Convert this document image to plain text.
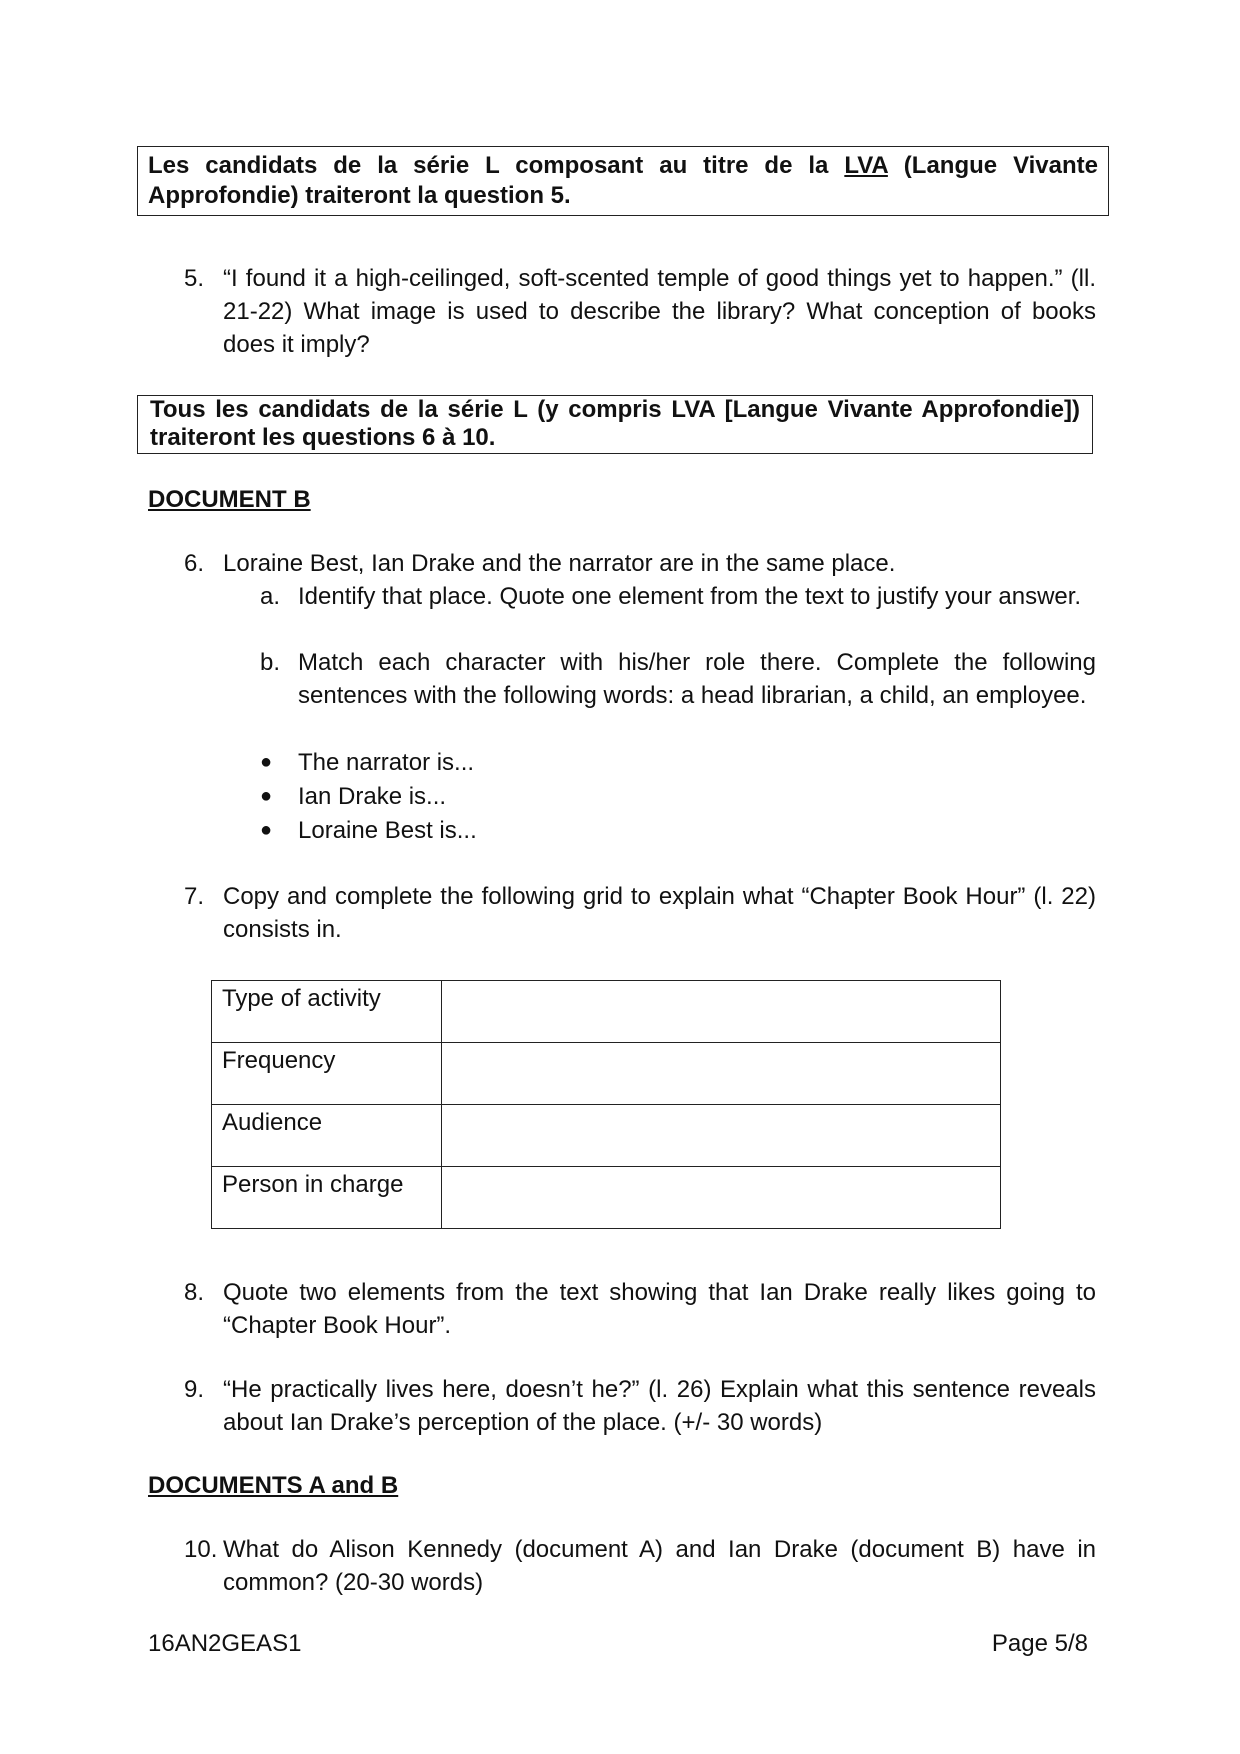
Les candidats de la série L composant au titre de la LVA (Langue Vivante Approfondie) traiteront la question 5.
5. “I found it a high-ceilinged, soft-scented temple of good things yet to happen.” (ll. 21-22) What image is used to describe the library? What conception of books does it imply?
Tous les candidats de la série L (y compris LVA [Langue Vivante Approfondie]) traiteront les questions 6 à 10.
DOCUMENT B
6. Loraine Best, Ian Drake and the narrator are in the same place.
a. Identify that place. Quote one element from the text to justify your answer.
b. Match each character with his/her role there. Complete the following sentences with the following words: a head librarian, a child, an employee.
● The narrator is...
● Ian Drake is...
● Loraine Best is...
7. Copy and complete the following grid to explain what “Chapter Book Hour” (l. 22) consists in.
Type of activity	
Frequency	
Audience	
Person in charge	
8. Quote two elements from the text showing that Ian Drake really likes going to “Chapter Book Hour”.
9. “He practically lives here, doesn’t he?” (l. 26) Explain what this sentence reveals about Ian Drake’s perception of the place. (+/- 30 words)
DOCUMENTS A and B
10. What do Alison Kennedy (document A) and Ian Drake (document B) have in common? (20-30 words)
16AN2GEAS1	Page 5/8
